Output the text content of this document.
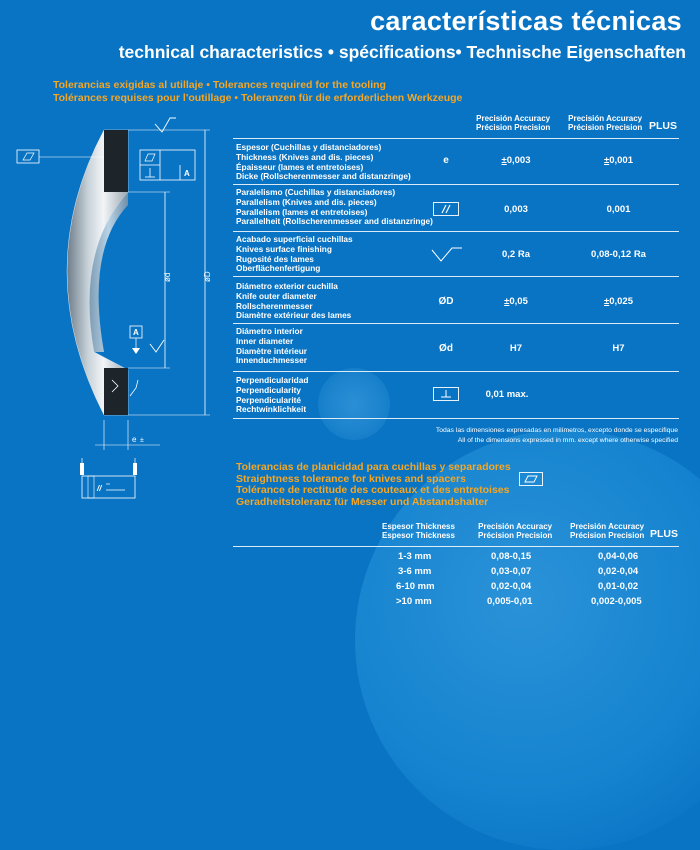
características técnicas
technical characteristics • spécifications• Technische Eigenschaften
Tolerancias exigidas al utillaje • Tolerances required for the tooling
Tolérances requises pour l'outillage • Toleranzen für die erforderlichen Werkzeuge
A
A
ød	øD
e ±
//
Precisión Accuracy
Précision Precision
Precisión Accuracy
Précision Precision PLUS
Espesor (Cuchillas y distanciadores)
Thickness (Knives and dis. pieces)
Épaisseur (lames et entretoises)
Dicke (Rollscherenmesser and distanzringe)
e	±0,003	±0,001
Paralelismo (Cuchillas y distanciadores)
Parallelism (Knives and dis. pieces)
Parallelism (lames et entretoises)
Parallelheit (Rollscherenmesser and distanzringe)
0,003	0,001
Acabado superficial cuchillas
Knives surface finishing
Rugosité des lames
Oberflächenfertigung
0,2 Ra	0,08-0,12 Ra
Diámetro exterior cuchilla
Knife outer diameter
Rollscherenmesser
Diamètre extérieur des lames
ØD	±0,05	±0,025
Diámetro interior
Inner diameter
Diamètre intérieur
Innenduchmesser
Ød	H7	H7
Perpendicularidad
Perpendicularity
Perpendicularité
Rechtwinklichkeit
0,01 max.
Todas las dimensiones expresadas en milímetros, excepto donde se especifique
All of the dimensions expressed in mm. except where otherwise specified
Tolerancias de planicidad para cuchillas y separadores
Straightness tolerance for knives and spacers
Tolérance de rectitude des couteaux et des entretoises
Geradheitstoleranz für Messer und Abstandshalter
Espesor Thickness
Espesor Thickness
Precisión Accuracy
Précision Precision
Precisión Accuracy
Précision Precision PLUS
1-3 mm	0,08-0,15	0,04-0,06
3-6 mm	0,03-0,07	0,02-0,04
6-10 mm	0,02-0,04	0,01-0,02
>10 mm	0,005-0,01	0,002-0,005
